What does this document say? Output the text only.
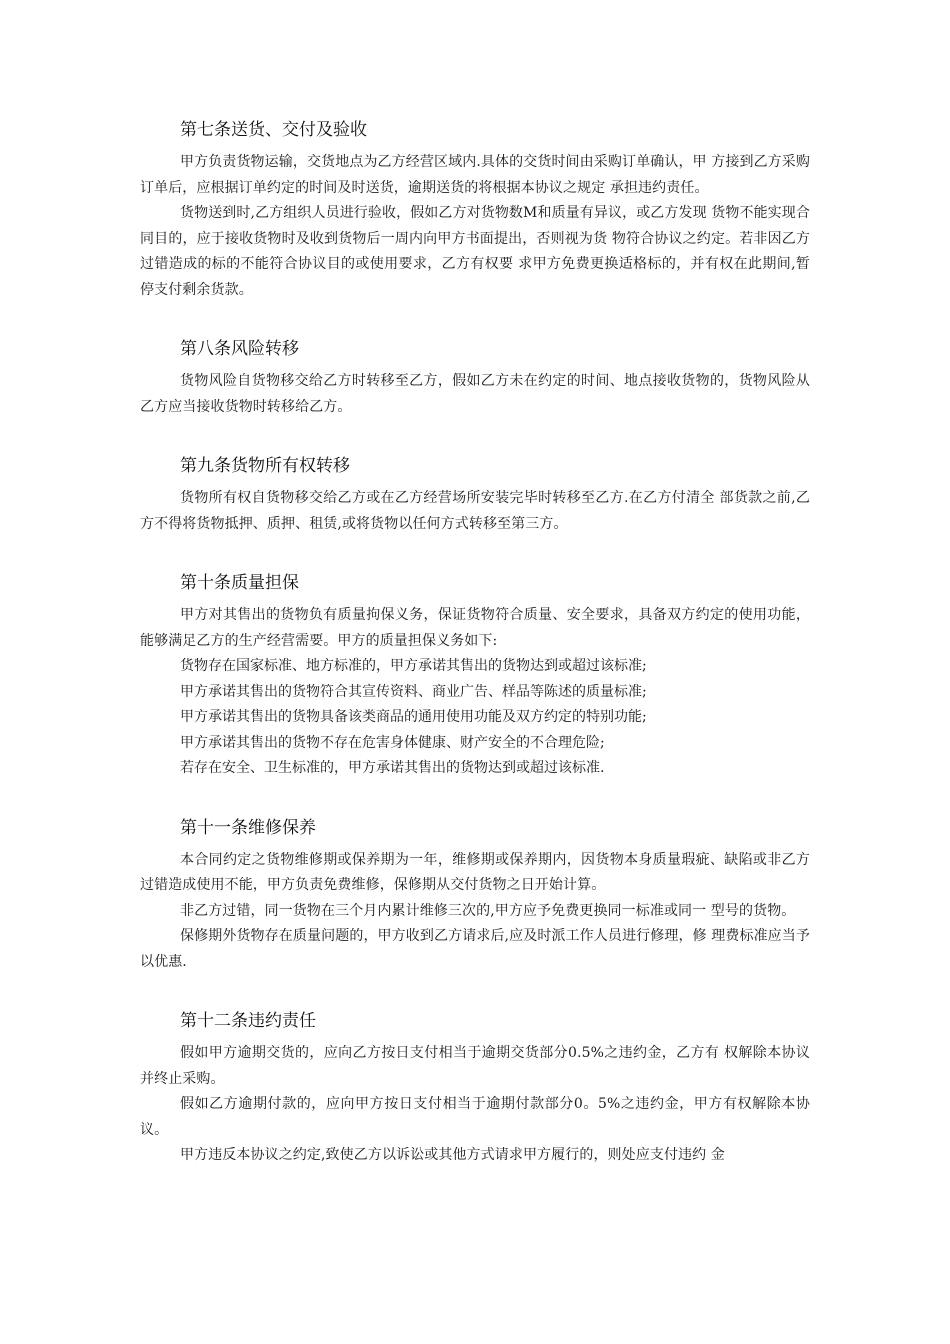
第七条送货、交付及验收

甲方负责货物运输，交货地点为乙方经营区域内.具体的交货时间由采购订单确认，甲 方接到乙方采购订单后，应根据订单约定的时间及时送货，逾期送货的将根据本协议之规定 承担违约责任。

货物送到时,乙方组织人员进行验收，假如乙方对货物数M和质量有异议，或乙方发现 货物不能实现合同目的，应于接收货物时及收到货物后一周内向甲方书面提出，否则视为货 物符合协议之约定。若非因乙方过错造成的标的不能符合协议目的或使用要求，乙方有权要 求甲方免费更换适格标的，并有权在此期间,暂停支付剩余货款。

第八条风险转移

货物风险自货物移交给乙方时转移至乙方，假如乙方未在约定的时间、地点接收货物的，货物风险从乙方应当接收货物时转移给乙方。

第九条货物所有权转移

货物所有权自货物移交给乙方或在乙方经营场所安装完毕时转移至乙方.在乙方付清全 部货款之前,乙方不得将货物抵押、质押、租赁,或将货物以任何方式转移至第三方。

第十条质量担保

甲方对其售出的货物负有质量拘保义务，保证货物符合质量、安全要求，具备双方约定的使用功能，能够满足乙方的生产经营需要。甲方的质量担保义务如下:

货物存在国家标准、地方标准的，甲方承诺其售出的货物达到或超过该标准;

甲方承诺其售出的货物符合其宣传资料、商业广告、样品等陈述的质量标准;

甲方承诺其售出的货物具备该类商品的通用使用功能及双方约定的特别功能;

甲方承诺其售出的货物不存在危害身体健康、财产安全的不合理危险;

若存在安全、卫生标准的，甲方承诺其售出的货物达到或超过该标准.

第十一条维修保养

本合同约定之货物维修期或保养期为一年，维修期或保养期内，因货物本身质量瑕疵、缺陷或非乙方过错造成使用不能，甲方负责免费维修，保修期从交付货物之日开始计算。

非乙方过错，同一货物在三个月内累计维修三次的,甲方应予免费更换同一标准或同一 型号的货物。

保修期外货物存在质量问题的，甲方收到乙方请求后,应及时派工作人员进行修理，修 理费标准应当予以优惠.

第十二条违约责任

假如甲方逾期交货的，应向乙方按日支付相当于逾期交货部分0.5%之违约金，乙方有 权解除本协议并终止采购。

假如乙方逾期付款的，应向甲方按日支付相当于逾期付款部分0。5%之违约金，甲方有权解除本协议。

甲方违反本协议之约定,致使乙方以诉讼或其他方式请求甲方履行的，则处应支付违约 金
